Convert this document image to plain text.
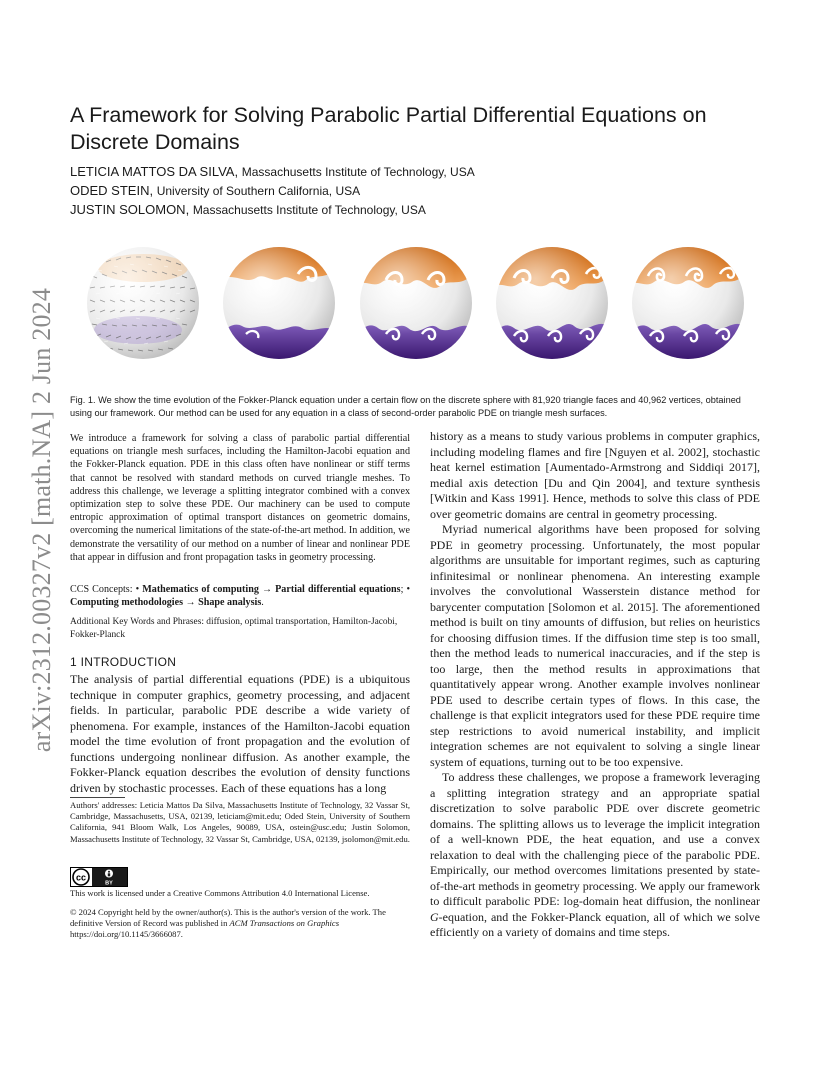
arXiv:2312.00327v2 [math.NA] 2 Jun 2024
A Framework for Solving Parabolic Partial Differential Equations on Discrete Domains
LETICIA MATTOS DA SILVA, Massachusetts Institute of Technology, USA
ODED STEIN, University of Southern California, USA
JUSTIN SOLOMON, Massachusetts Institute of Technology, USA
Fig. 1. We show the time evolution of the Fokker-Planck equation under a certain flow on the discrete sphere with 81,920 triangle faces and 40,962 vertices, obtained using our framework. Our method can be used for any equation in a class of second-order parabolic PDE on triangle mesh surfaces.
We introduce a framework for solving a class of parabolic partial differential equations on triangle mesh surfaces, including the Hamilton-Jacobi equation and the Fokker-Planck equation. PDE in this class often have nonlinear or stiff terms that cannot be resolved with standard methods on curved triangle meshes. To address this challenge, we leverage a splitting integrator combined with a convex optimization step to solve these PDE. Our machinery can be used to compute entropic approximation of optimal transport distances on geometric domains, overcoming the numerical limitations of the state-of-the-art method. In addition, we demonstrate the versatility of our method on a number of linear and nonlinear PDE that appear in diffusion and front propagation tasks in geometry processing.
CCS Concepts: • Mathematics of computing → Partial differential equations; • Computing methodologies → Shape analysis.
Additional Key Words and Phrases: diffusion, optimal transportation, Hamilton-Jacobi, Fokker-Planck
1 INTRODUCTION
The analysis of partial differential equations (PDE) is a ubiquitous technique in computer graphics, geometry processing, and adjacent fields. In particular, parabolic PDE describe a wide variety of phenomena. For example, instances of the Hamilton-Jacobi equation model the time evolution of front propagation and the evolution of functions undergoing nonlinear diffusion. As another example, the Fokker-Planck equation describes the evolution of density functions driven by stochastic processes. Each of these equations has a long
Authors' addresses: Leticia Mattos Da Silva, Massachusetts Institute of Technology, 32 Vassar St, Cambridge, Massachusetts, USA, 02139, leticiam@mit.edu; Oded Stein, University of Southern California, 941 Bloom Walk, Los Angeles, 90089, USA, ostein@usc.edu; Justin Solomon, Massachusetts Institute of Technology, 32 Vassar St, Cambridge, USA, 02139, jsolomon@mit.edu.
cc
BY
This work is licensed under a Creative Commons Attribution 4.0 International License.
© 2024 Copyright held by the owner/author(s). This is the author's version of the work. The definitive Version of Record was published in ACM Transactions on Graphics
https://doi.org/10.1145/3666087.

history as a means to study various problems in computer graphics, including modeling flames and fire [Nguyen et al. 2002], stochastic heat kernel estimation [Aumentado-Armstrong and Siddiqi 2017], medial axis detection [Du and Qin 2004], and texture synthesis [Witkin and Kass 1991]. Hence, methods to solve this class of PDE over geometric domains are central in geometry processing.

Myriad numerical algorithms have been proposed for solving PDE in geometry processing. Unfortunately, the most popular algorithms are unsuitable for important regimes, such as capturing infinitesimal or nonlinear phenomena. An interesting example involves the convolutional Wasserstein distance method for barycenter computation [Solomon et al. 2015]. The aforementioned method is built on tiny amounts of diffusion, but relies on heuristics for choosing diffusion times. If the diffusion time step is too small, then the method leads to numerical inaccuracies, and if the step is too large, then the method results in approximations that quantitatively appear wrong. Another example involves nonlinear PDE used to describe certain types of flows. In this case, the challenge is that explicit integrators used for these PDE require time step restrictions to avoid numerical instability, and implicit integration schemes are not equivalent to solving a single linear system of equations, turning out to be too expensive.

To address these challenges, we propose a framework leveraging a splitting integration strategy and an appropriate spatial discretization to solve parabolic PDE over discrete geometric domains. The splitting allows us to leverage the implicit integration of a well-known PDE, the heat equation, and use a convex relaxation to deal with the challenging piece of the parabolic PDE. Empirically, our method overcomes limitations presented by state-of-the-art methods in geometry processing. We apply our framework to difficult parabolic PDE: log-domain heat diffusion, the nonlinear G-equation, and the Fokker-Planck equation, all of which we solve efficiently on a variety of domains and time steps.
